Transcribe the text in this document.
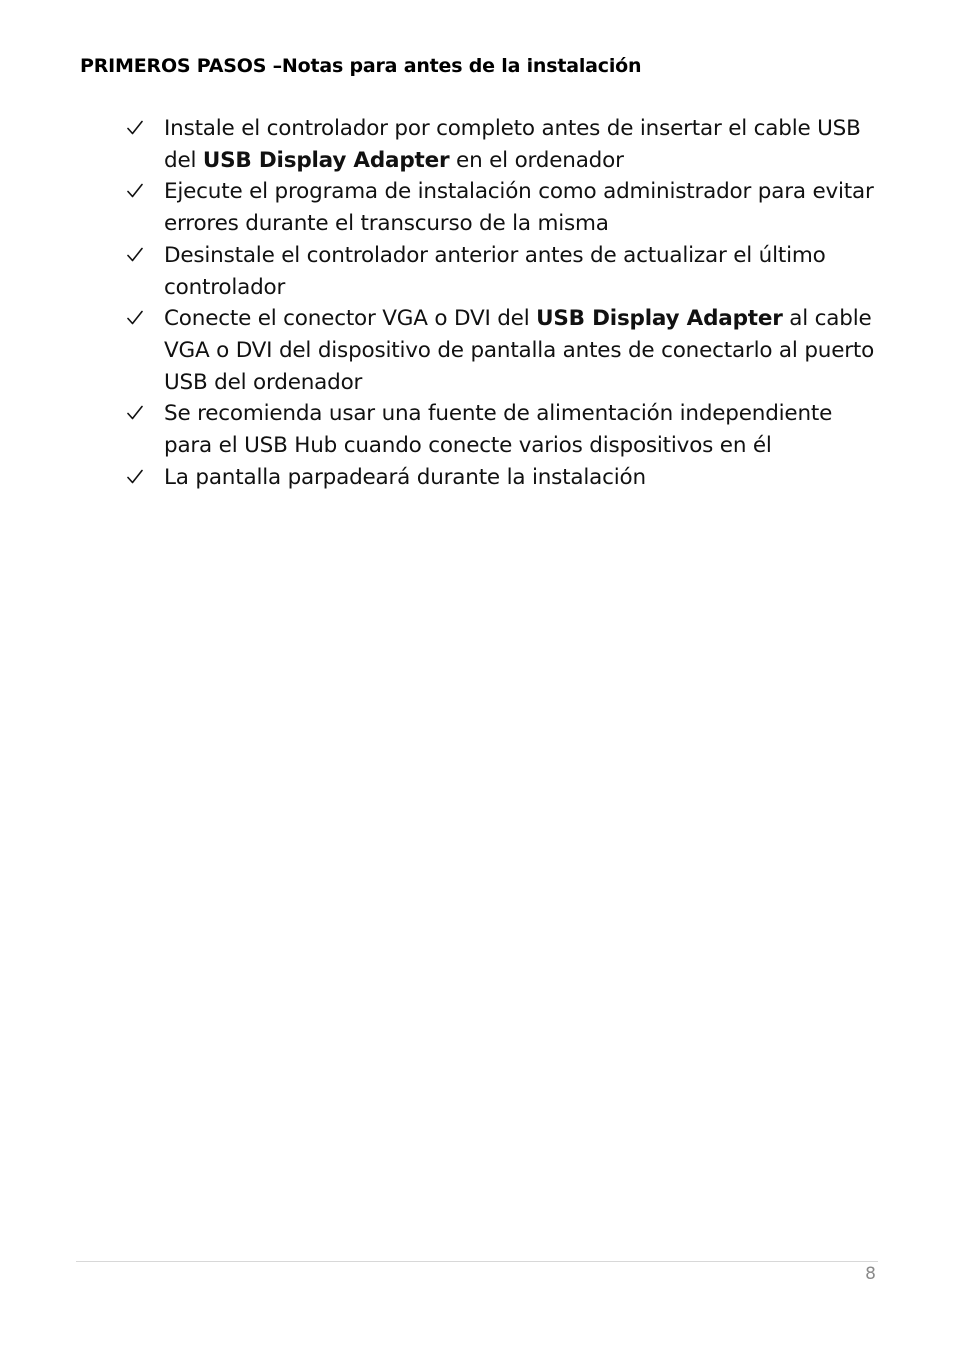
PRIMEROS PASOS –Notas para antes de la instalación
Instale el controlador por completo antes de insertar el cable USB del USB Display Adapter en el ordenador
Ejecute el programa de instalación como administrador para evitar errores durante el transcurso de la misma
Desinstale el controlador anterior antes de actualizar el último controlador
Conecte el conector VGA o DVI del USB Display Adapter al cable VGA o DVI del dispositivo de pantalla antes de conectarlo al puerto USB del ordenador
Se recomienda usar una fuente de alimentación independiente para el USB Hub cuando conecte varios dispositivos en él
La pantalla parpadeará durante la instalación
8
